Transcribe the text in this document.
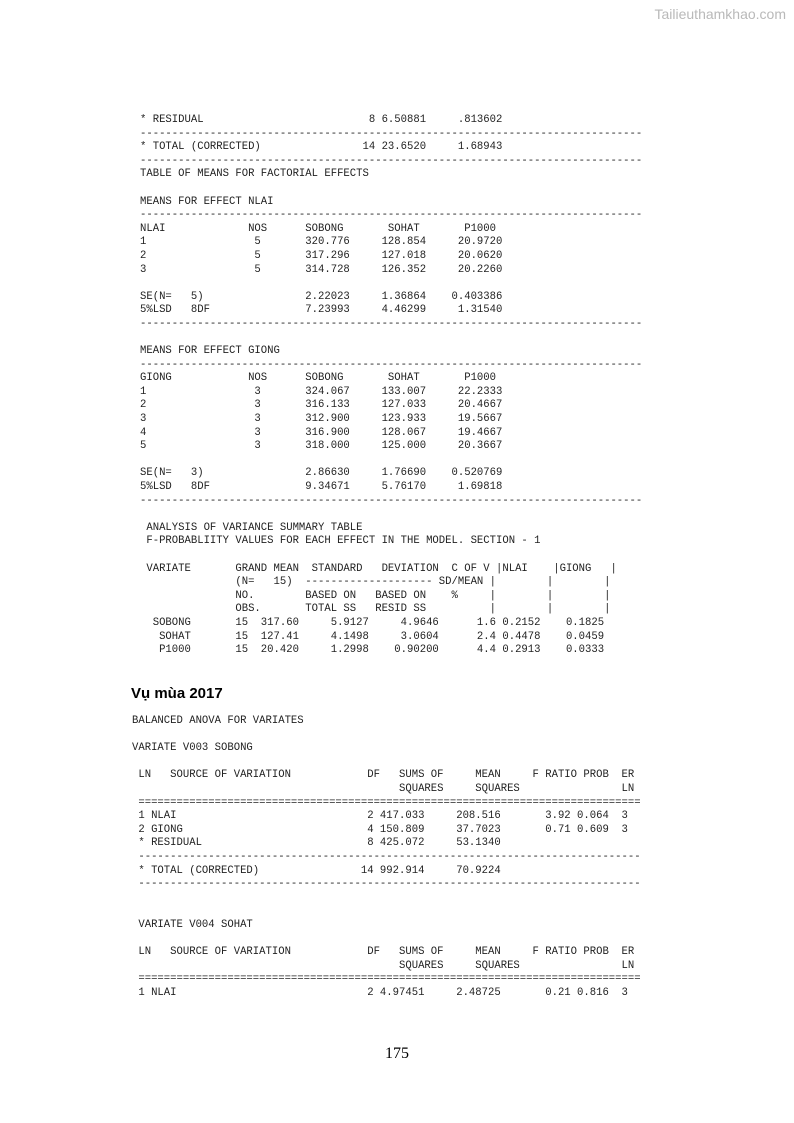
Tailieuthamkhao.com
* RESIDUAL                          8 6.50881     .813602
-------------------------------------------------------------------------------
* TOTAL (CORRECTED)                14 23.6520     1.68943
-------------------------------------------------------------------------------
TABLE OF MEANS FOR FACTORIAL EFFECTS

MEANS FOR EFFECT NLAI
-------------------------------------------------------------------------------
NLAI             NOS      SOBONG       SOHAT       P1000
1                 5       320.776     128.854     20.9720
2                 5       317.296     127.018     20.0620
3                 5       314.728     126.352     20.2260

SE(N=   5)                2.22023     1.36864    0.403386
5%LSD   8DF               7.23993     4.46299     1.31540
-------------------------------------------------------------------------------

MEANS FOR EFFECT GIONG
-------------------------------------------------------------------------------
GIONG            NOS      SOBONG       SOHAT       P1000
1                 3       324.067     133.007     22.2333
2                 3       316.133     127.033     20.4667
3                 3       312.900     123.933     19.5667
4                 3       316.900     128.067     19.4667
5                 3       318.000     125.000     20.3667

SE(N=   3)                2.86630     1.76690    0.520769
5%LSD   8DF               9.34671     5.76170     1.69818
-------------------------------------------------------------------------------

ANALYSIS OF VARIANCE SUMMARY TABLE
F-PROBABLIITY VALUES FOR EACH EFFECT IN THE MODEL. SECTION - 1

VARIATE       GRAND MEAN  STANDARD   DEVIATION  C OF V |NLAI    |GIONG   |
(N=   15)  -------------------- SD/MEAN |        |        |
NO.        BASED ON   BASED ON    %     |        |        |
OBS.       TOTAL SS   RESID SS          |        |        |
SOBONG       15  317.60     5.9127     4.9646      1.6 0.2152    0.1825
SOHAT       15  127.41     4.1498     3.0604      2.4 0.4478    0.0459
P1000       15  20.420     1.2998    0.90200      4.4 0.2913    0.0333
Vụ mùa 2017
BALANCED ANOVA FOR VARIATES

VARIATE V003 SOBONG

LN   SOURCE OF VARIATION            DF   SUMS OF     MEAN     F RATIO PROB  ER
SQUARES     SQUARES                LN
===============================================================================
1 NLAI                              2 417.033     208.516       3.92 0.064  3
2 GIONG                             4 150.809     37.7023       0.71 0.609  3
* RESIDUAL                          8 425.072     53.1340
-------------------------------------------------------------------------------
* TOTAL (CORRECTED)                14 992.914     70.9224
-------------------------------------------------------------------------------

VARIATE V004 SOHAT

LN   SOURCE OF VARIATION            DF   SUMS OF     MEAN     F RATIO PROB  ER
SQUARES     SQUARES                LN
===============================================================================
1 NLAI                              2 4.97451     2.48725       0.21 0.816  3
175
